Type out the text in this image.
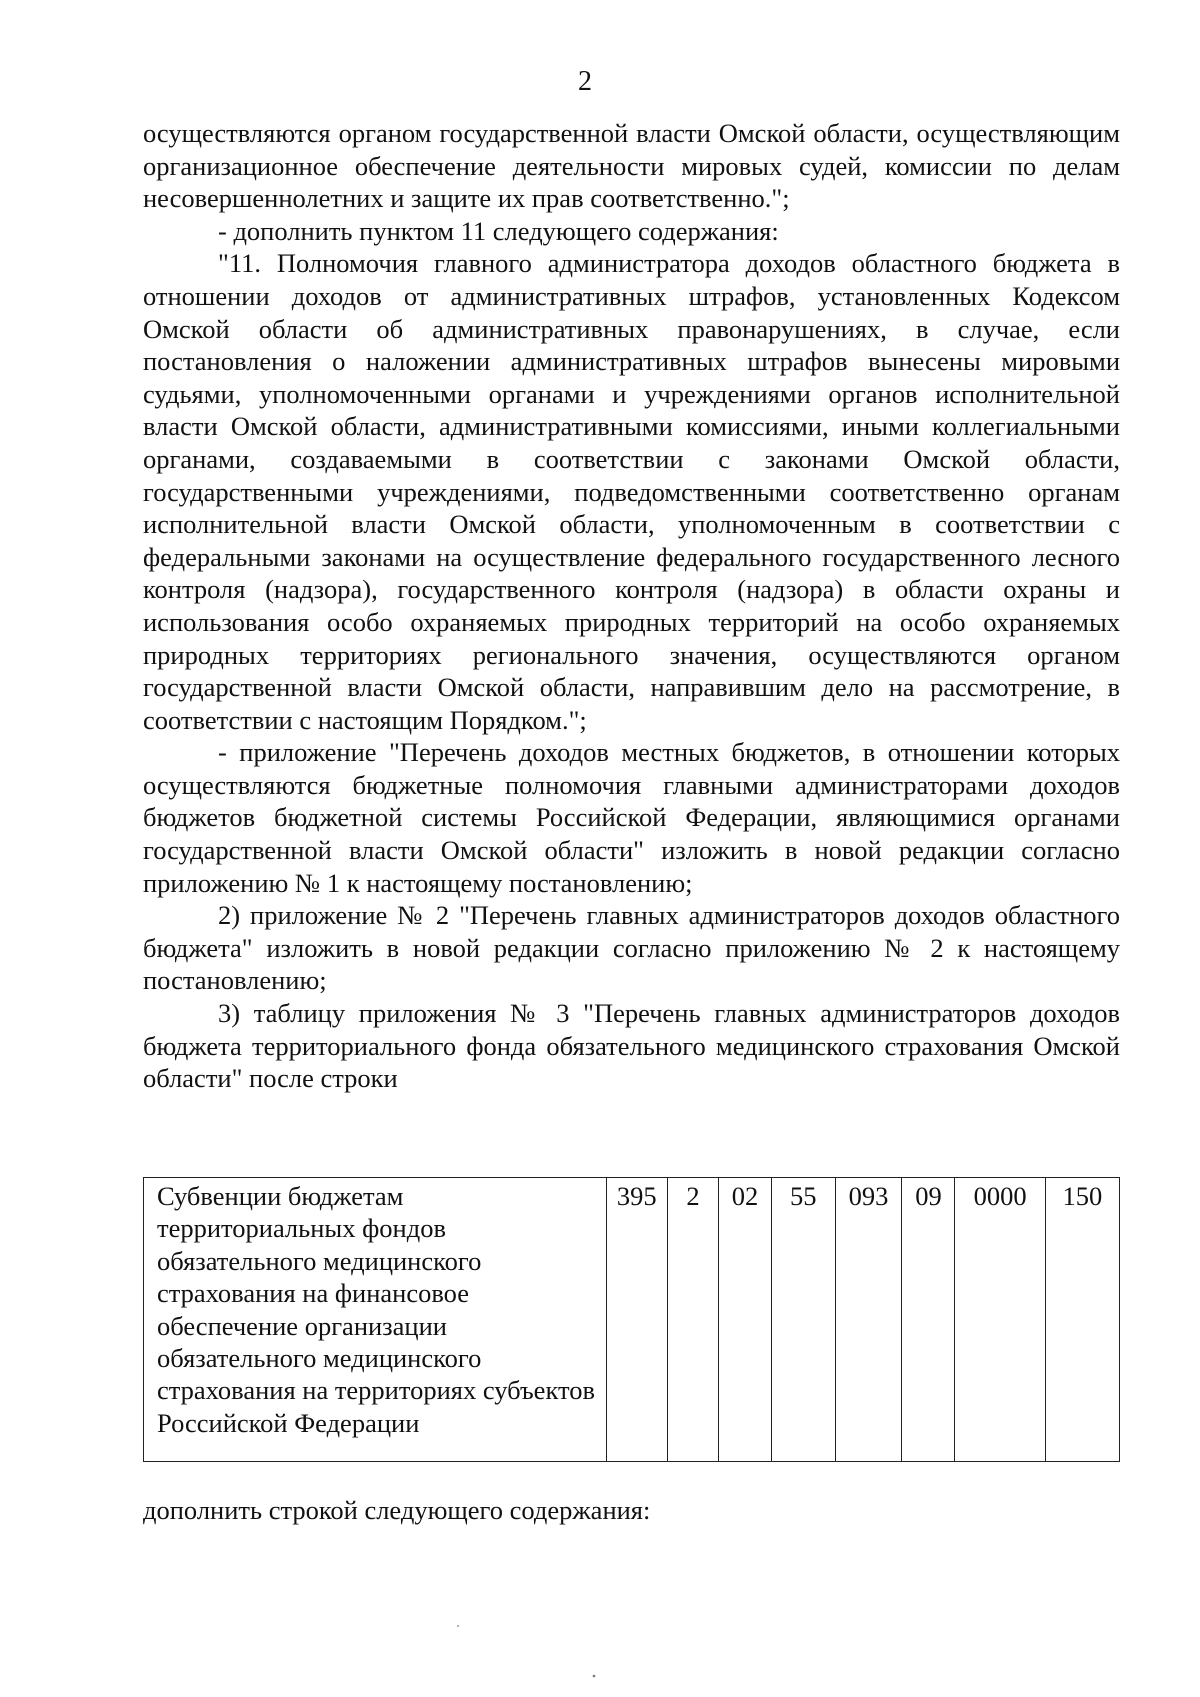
2

осуществляются органом государственной власти Омской области, осуществляющим организационное обеспечение деятельности мировых судей, комиссии по делам несовершеннолетних и защите их прав соответственно.";

- дополнить пунктом 11 следующего содержания:

"11. Полномочия главного администратора доходов областного бюджета в отношении доходов от административных штрафов, установленных Кодексом Омской области об административных правонарушениях, в случае, если постановления о наложении административных штрафов вынесены мировыми судьями, уполномоченными органами и учреждениями органов исполнительной власти Омской области, административными комиссиями, иными коллегиальными органами, создаваемыми в соответствии с законами Омской области, государственными учреждениями, подведомственными соответственно органам исполнительной власти Омской области, уполномоченным в соответствии с федеральными законами на осуществление федерального государственного лесного контроля (надзора), государственного контроля (надзора) в области охраны и использования особо охраняемых природных территорий на особо охраняемых природных территориях регионального значения, осуществляются органом государственной власти Омской области, направившим дело на рассмотрение, в соответствии с настоящим Порядком.";

- приложение "Перечень доходов местных бюджетов, в отношении которых осуществляются бюджетные полномочия главными администраторами доходов бюджетов бюджетной системы Российской Федерации, являющимися органами государственной власти Омской области" изложить в новой редакции согласно приложению № 1 к настоящему постановлению;

2) приложение № 2 "Перечень главных администраторов доходов областного бюджета" изложить в новой редакции согласно приложению № 2 к настоящему постановлению;

3) таблицу приложения № 3 "Перечень главных администраторов доходов бюджета территориального фонда обязательного медицинского страхования Омской области" после строки

Субвенции бюджетам территориальных фондов обязательного медицинского страхования на финансовое обеспечение организации обязательного медицинского страхования на территориях субъектов Российской Федерации	395	2	02	55	093	09	0000	150
дополнить строкой следующего содержания:
